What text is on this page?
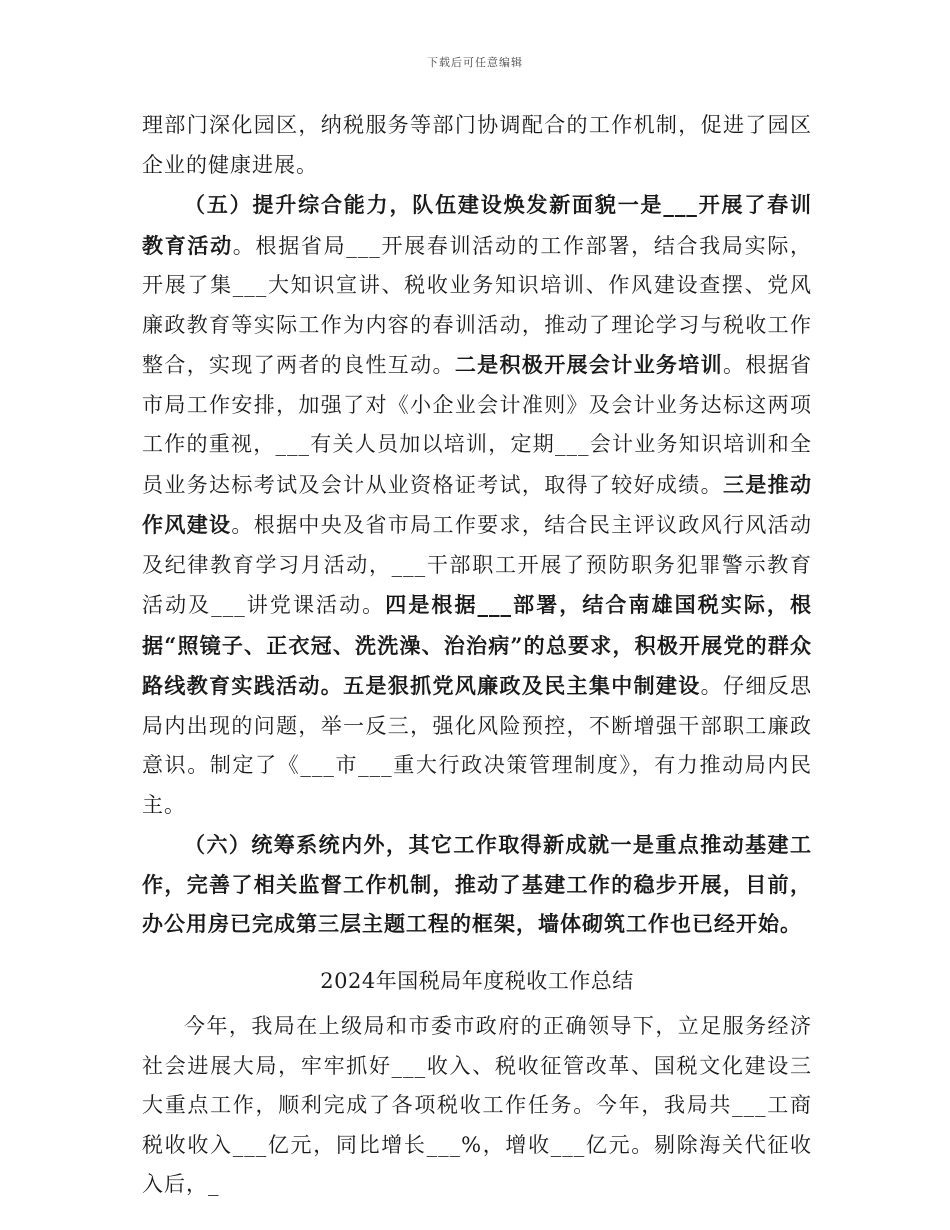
下载后可任意编辑

理部门深化园区，纳税服务等部门协调配合的工作机制，促进了园区企业的健康进展。

（五）提升综合能力，队伍建设焕发新面貌一是___开展了春训教育活动。根据省局___开展春训活动的工作部署，结合我局实际，开展了集___大知识宣讲、税收业务知识培训、作风建设查摆、党风廉政教育等实际工作为内容的春训活动，推动了理论学习与税收工作整合，实现了两者的良性互动。二是积极开展会计业务培训。根据省市局工作安排，加强了对《小企业会计准则》及会计业务达标这两项工作的重视，___有关人员加以培训，定期___会计业务知识培训和全员业务达标考试及会计从业资格证考试，取得了较好成绩。三是推动作风建设。根据中央及省市局工作要求，结合民主评议政风行风活动及纪律教育学习月活动，___干部职工开展了预防职务犯罪警示教育活动及___讲党课活动。四是根据___部署，结合南雄国税实际，根据“照镜子、正衣冠、洗洗澡、治治病”的总要求，积极开展党的群众路线教育实践活动。五是狠抓党风廉政及民主集中制建设。仔细反思局内出现的问题，举一反三，强化风险预控，不断增强干部职工廉政意识。制定了《___市___重大行政决策管理制度》，有力推动局内民主。

（六）统筹系统内外，其它工作取得新成就一是重点推动基建工作，完善了相关监督工作机制，推动了基建工作的稳步开展，目前，办公用房已完成第三层主题工程的框架，墙体砌筑工作也已经开始。

2024年国税局年度税收工作总结

今年，我局在上级局和市委市政府的正确领导下，立足服务经济社会进展大局，牢牢抓好___收入、税收征管改革、国税文化建设三大重点工作，顺利完成了各项税收工作任务。今年，我局共___工商税收收入___亿元，同比增长___%，增收___亿元。剔除海关代征收入后，_
